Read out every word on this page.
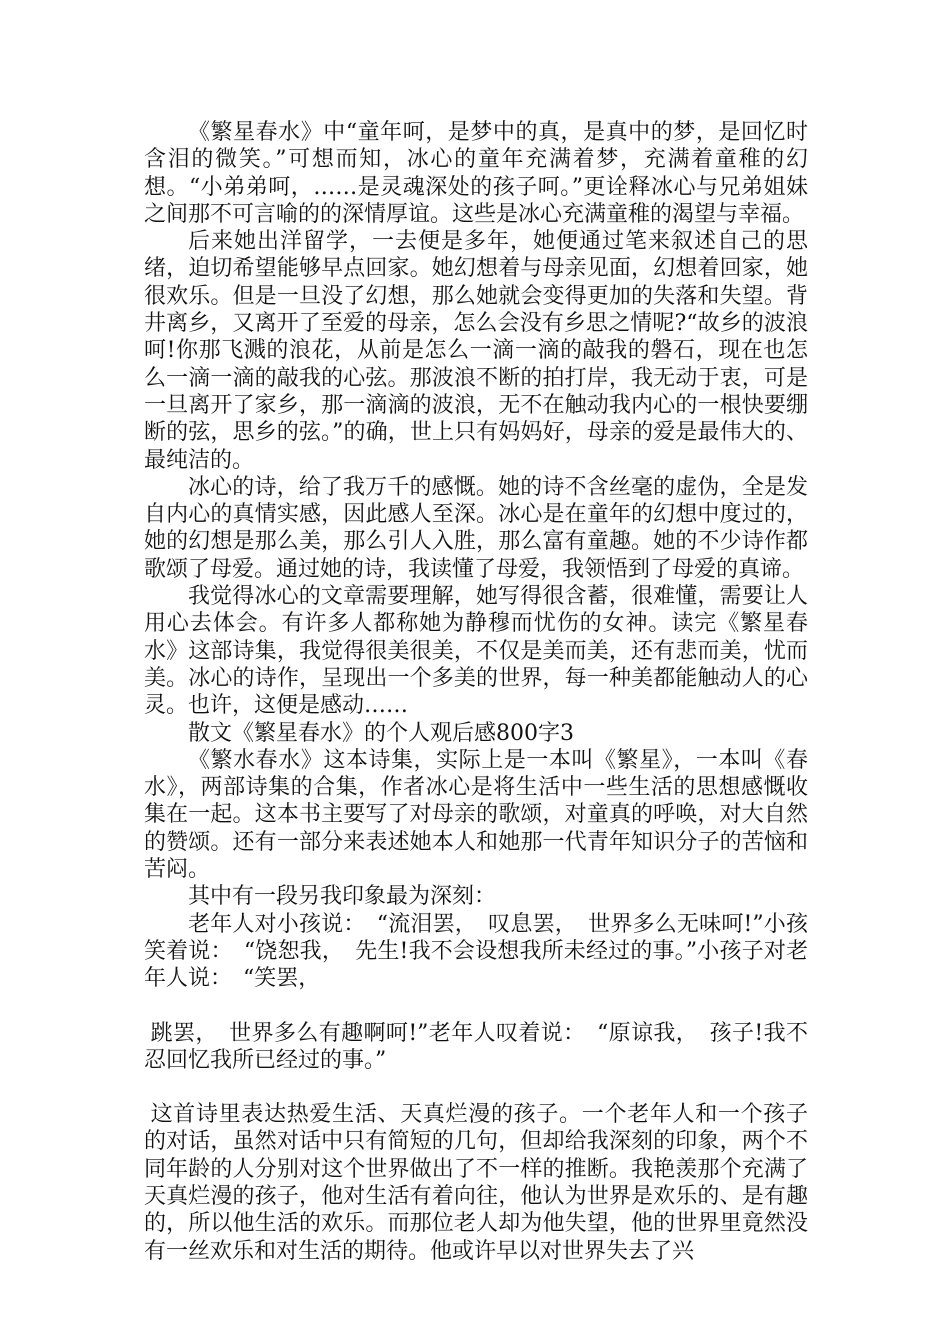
《繁星春水》中“童年呵，是梦中的真，是真中的梦，是回忆时含泪的微笑。”可想而知，冰心的童年充满着梦，充满着童稚的幻想。“小弟弟呵，……是灵魂深处的孩子呵。”更诠释冰心与兄弟姐妹之间那不可言喻的的深情厚谊。这些是冰心充满童稚的渴望与幸福。

后来她出洋留学，一去便是多年，她便通过笔来叙述自己的思绪，迫切希望能够早点回家。她幻想着与母亲见面，幻想着回家，她很欢乐。但是一旦没了幻想，那么她就会变得更加的失落和失望。背井离乡，又离开了至爱的母亲，怎么会没有乡思之情呢?“故乡的波浪呵!你那飞溅的浪花，从前是怎么一滴一滴的敲我的磐石，现在也怎么一滴一滴的敲我的心弦。那波浪不断的拍打岸，我无动于衷，可是一旦离开了家乡，那一滴滴的波浪，无不在触动我内心的一根快要绷断的弦，思乡的弦。”的确，世上只有妈妈好，母亲的爱是最伟大的、最纯洁的。

冰心的诗，给了我万千的感慨。她的诗不含丝毫的虚伪，全是发自内心的真情实感，因此感人至深。冰心是在童年的幻想中度过的，她的幻想是那么美，那么引人入胜，那么富有童趣。她的不少诗作都歌颂了母爱。通过她的诗，我读懂了母爱，我领悟到了母爱的真谛。

我觉得冰心的文章需要理解，她写得很含蓄，很难懂，需要让人用心去体会。有许多人都称她为静穆而忧伤的女神。读完《繁星春水》这部诗集，我觉得很美很美，不仅是美而美，还有悲而美，忧而美。冰心的诗作，呈现出一个多美的世界，每一种美都能触动人的心灵。也许，这便是感动……

散文《繁星春水》的个人观后感800字3

《繁水春水》这本诗集，实际上是一本叫《繁星》，一本叫《春水》，两部诗集的合集，作者冰心是将生活中一些生活的思想感慨收集在一起。这本书主要写了对母亲的歌颂，对童真的呼唤，对大自然的赞颂。还有一部分来表述她本人和她那一代青年知识分子的苦恼和苦闷。

其中有一段另我印象最为深刻：

老年人对小孩说：　“流泪罢，　叹息罢，　世界多么无味呵!”小孩笑着说：　“饶恕我，　先生!我不会设想我所未经过的事。”小孩子对老年人说：　“笑罢，

跳罢，　世界多么有趣啊呵!”老年人叹着说：　“原谅我，　孩子!我不忍回忆我所已经过的事。”

这首诗里表达热爱生活、天真烂漫的孩子。一个老年人和一个孩子的对话，虽然对话中只有简短的几句，但却给我深刻的印象，两个不同年龄的人分别对这个世界做出了不一样的推断。我艳羡那个充满了天真烂漫的孩子，他对生活有着向往，他认为世界是欢乐的、是有趣的，所以他生活的欢乐。而那位老人却为他失望，他的世界里竟然没有一丝欢乐和对生活的期待。他或许早以对世界失去了兴
